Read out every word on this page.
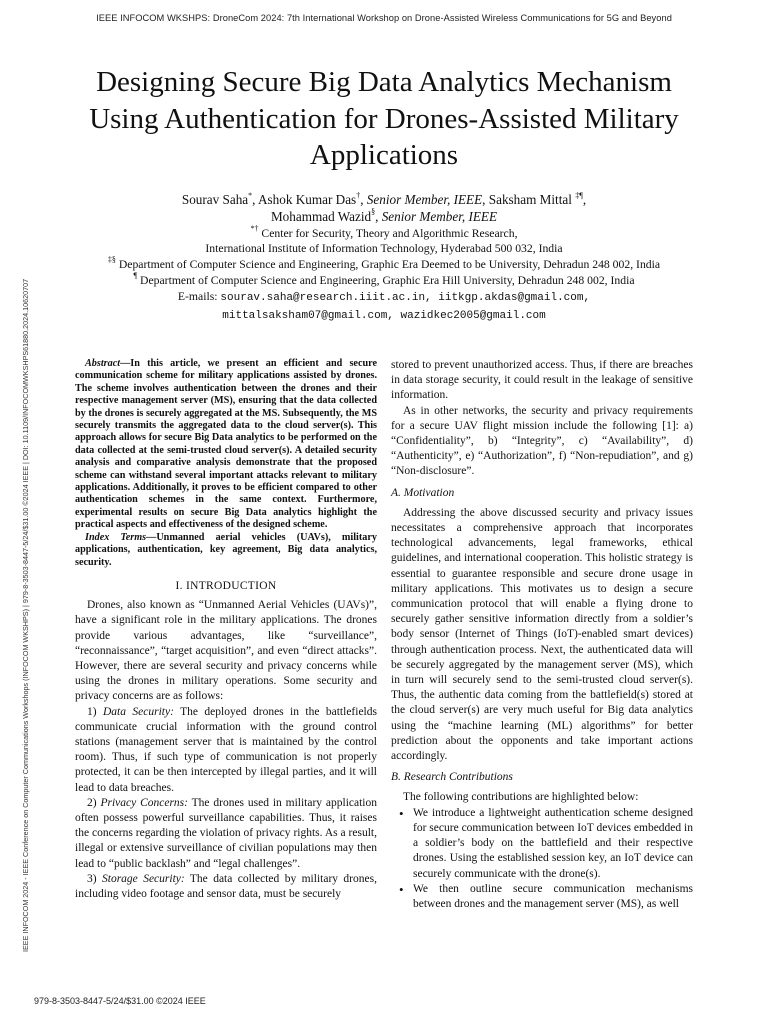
IEEE INFOCOM WKSHPS: DroneCom 2024: 7th International Workshop on Drone-Assisted Wireless Communications for 5G and Beyond
IEEE INFOCOM 2024 - IEEE Conference on Computer Communications Workshops (INFOCOM WKSHPS) | 979-8-3503-8447-5/24/$31.00 ©2024 IEEE | DOI: 10.1109/INFOCOMWKSHPS61880.2024.10620707
Designing Secure Big Data Analytics Mechanism
Using Authentication for Drones-Assisted Military
Applications
Sourav Saha*, Ashok Kumar Das†, Senior Member, IEEE, Saksham Mittal ‡¶,
Mohammad Wazid§, Senior Member, IEEE
*† Center for Security, Theory and Algorithmic Research,
International Institute of Information Technology, Hyderabad 500 032, India
‡§ Department of Computer Science and Engineering, Graphic Era Deemed to be University, Dehradun 248 002, India
¶ Department of Computer Science and Engineering, Graphic Era Hill University, Dehradun 248 002, India
E-mails: sourav.saha@research.iiit.ac.in, iitkgp.akdas@gmail.com,
mittalsaksham07@gmail.com, wazidkec2005@gmail.com

Abstract—In this article, we present an efficient and secure communication scheme for military applications assisted by drones. The scheme involves authentication between the drones and their respective management server (MS), ensuring that the data collected by the drones is securely aggregated at the MS. Subsequently, the MS securely transmits the aggregated data to the cloud server(s). This approach allows for secure Big Data analytics to be performed on the data collected at the semi-trusted cloud server(s). A detailed security analysis and comparative analysis demonstrate that the proposed scheme can withstand several important attacks relevant to military applications. Additionally, it proves to be efficient compared to other authentication schemes in the same context. Furthermore, experimental results on secure Big Data analytics highlight the practical aspects and effectiveness of the designed scheme.

Index Terms—Unmanned aerial vehicles (UAVs), military applications, authentication, key agreement, Big data analytics, security.

I. INTRODUCTION

Drones, also known as “Unmanned Aerial Vehicles (UAVs)”, have a significant role in the military applications. The drones provide various advantages, like “surveillance”, “reconnaissance”, “target acquisition”, and even “direct attacks”. However, there are several security and privacy concerns while using the drones in military operations. Some security and privacy concerns are as follows:

1) Data Security: The deployed drones in the battlefields communicate crucial information with the ground control stations (management server that is maintained by the control room). Thus, if such type of communication is not properly protected, it can be then intercepted by illegal parties, and it will lead to data breaches.

2) Privacy Concerns: The drones used in military application often possess powerful surveillance capabilities. Thus, it raises the concerns regarding the violation of privacy rights. As a result, illegal or extensive surveillance of civilian populations may then lead to “public backlash” and “legal challenges”.

3) Storage Security: The data collected by military drones, including video footage and sensor data, must be securely

stored to prevent unauthorized access. Thus, if there are breaches in data storage security, it could result in the leakage of sensitive information.

As in other networks, the security and privacy requirements for a secure UAV flight mission include the following [1]: a) “Confidentiality”, b) “Integrity”, c) “Availability”, d) “Authenticity”, e) “Authorization”, f) “Non-repudiation”, and g) “Non-disclosure”.

A. Motivation

Addressing the above discussed security and privacy issues necessitates a comprehensive approach that incorporates technological advancements, legal frameworks, ethical guidelines, and international cooperation. This holistic strategy is essential to guarantee responsible and secure drone usage in military applications. This motivates us to design a secure communication protocol that will enable a flying drone to securely gather sensitive information directly from a soldier’s body sensor (Internet of Things (IoT)-enabled smart devices) through authentication process. Next, the authenticated data will be securely aggregated by the management server (MS), which in turn will securely send to the semi-trusted cloud server(s). Thus, the authentic data coming from the battlefield(s) stored at the cloud server(s) are very much useful for Big data analytics using the “machine learning (ML) algorithms” for better prediction about the opponents and take important actions accordingly.

B. Research Contributions

The following contributions are highlighted below:

• We introduce a lightweight authentication scheme designed for secure communication between IoT devices embedded in a soldier’s body on the battlefield and their respective drones. Using the established session key, an IoT device can securely communicate with the drone(s).
• We then outline secure communication mechanisms between drones and the management server (MS), as well
979-8-3503-8447-5/24/$31.00 ©2024 IEEE
